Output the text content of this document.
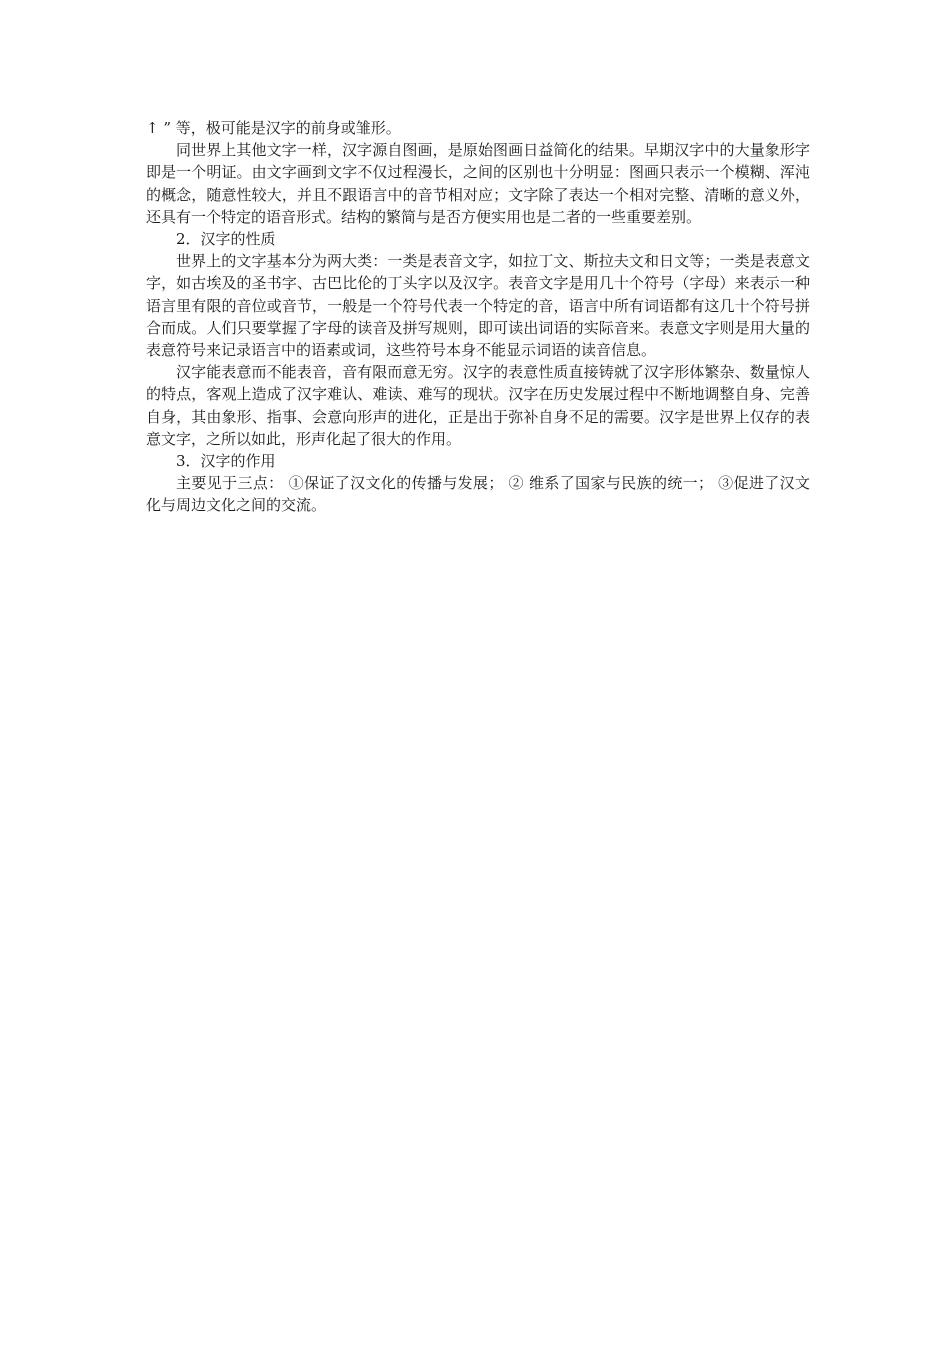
↑ ” 等，极可能是汉字的前身或雏形。

同世界上其他文字一样，汉字源自图画，是原始图画日益简化的结果。早期汉字中的大量象形字即是一个明证。由文字画到文字不仅过程漫长，之间的区别也十分明显：图画只表示一个模糊、浑沌的概念，随意性较大，并且不跟语言中的音节相对应；文字除了表达一个相对完整、清晰的意义外，还具有一个特定的语音形式。结构的繁简与是否方便实用也是二者的一些重要差别。

2．汉字的性质

世界上的文字基本分为两大类：一类是表音文字，如拉丁文、斯拉夫文和日文等；一类是表意文字，如古埃及的圣书字、古巴比伦的丁头字以及汉字。表音文字是用几十个符号（字母）来表示一种语言里有限的音位或音节，一般是一个符号代表一个特定的音，语言中所有词语都有这几十个符号拼合而成。人们只要掌握了字母的读音及拼写规则，即可读出词语的实际音来。表意文字则是用大量的表意符号来记录语言中的语素或词，这些符号本身不能显示词语的读音信息。

汉字能表意而不能表音，音有限而意无穷。汉字的表意性质直接铸就了汉字形体繁杂、数量惊人的特点，客观上造成了汉字难认、难读、难写的现状。汉字在历史发展过程中不断地调整自身、完善自身，其由象形、指事、会意向形声的进化，正是出于弥补自身不足的需要。汉字是世界上仅存的表意文字，之所以如此，形声化起了很大的作用。

3．汉字的作用

主要见于三点： ①保证了汉文化的传播与发展； ② 维系了国家与民族的统一； ③促进了汉文化与周边文化之间的交流。
